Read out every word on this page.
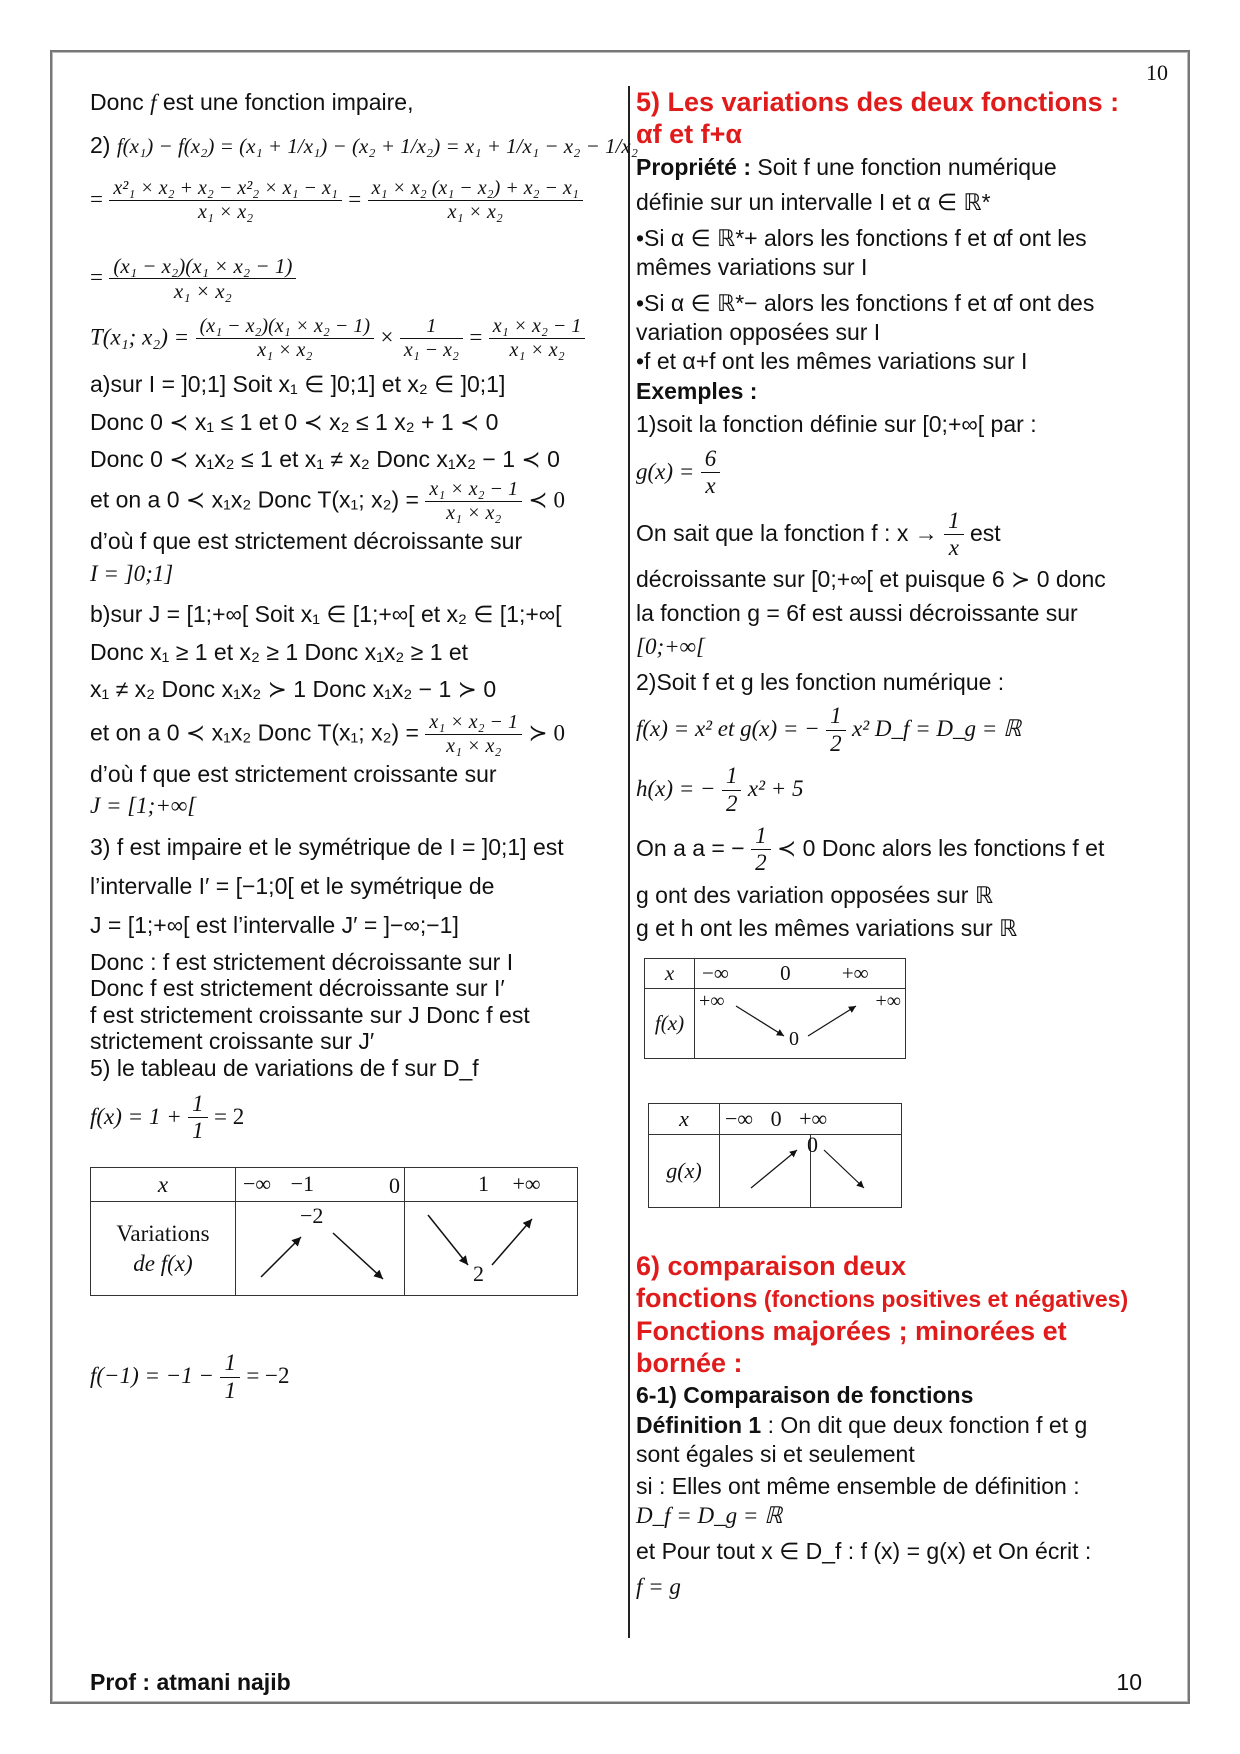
10
Donc f est une fonction impaire,
2) f(x₁) − f(x₂) = (x₁ + 1/x₁) − (x₂ + 1/x₂) = x₁ + 1/x₁ − x₂ − 1/x₂
= $\frac{\text{x²₁ × x₂ + x₂ − x²₂ × x₁ − x₁}}{\text{x₁ × x₂}} = \frac{\text{x₁ × x₂ (x₁ − x₂) + x₂ − x₁}}{\text{x₁ × x₂}}$
= $\frac{\text{(x₁ − x₂)(x₁ × x₂ − 1)}}{\text{x₁ × x₂}}$
T(x₁; $x_2) = \frac{\text{(x₁ − x₂)(x₁ × x₂ − 1)}}{\text{x₁ × x₂}} \times \frac{1}{\text{x₁ − x₂}} = \frac{\text{x₁ × x₂ − 1}}{\text{x₁ × x₂}}$
a)sur I = ]0;1] Soit x₁ ∈ ]0;1] et x₂ ∈ ]0;1]
Donc 0 ≺ x₁ ≤ 1 et 0 ≺ x₂ ≤ 1 x₂ + 1 ≺ 0
Donc 0 ≺ x₁x₂ ≤ 1 et x₁ ≠ x₂ Donc x₁x₂ − 1 ≺ 0
et on a 0 ≺ x₁x₂ Donc T(x₁; $x_2) = \frac{\text{x₁ × x₂ − 1}}{\text{x₁ × x₂}}$ ≺ 0
d’où f que est strictement décroissante sur
I = ]0;1]
b)sur J = [1;+∞[ Soit x₁ ∈ [1;+∞[ et x₂ ∈ [1;+∞[
Donc x₁ ≥ 1 et x₂ ≥ 1 Donc x₁x₂ ≥ 1 et
x₁ ≠ x₂ Donc x₁x₂ ≻ 1 Donc x₁x₂ − 1 ≻ 0
et on a 0 ≺ x₁x₂ Donc T(x₁; $x_2) = \frac{\text{x₁ × x₂ − 1}}{\text{x₁ × x₂}}$ ≻ 0
d’où f que est strictement croissante sur
J = [1;+∞[
3) f est impaire et le symétrique de I = ]0;1] est
l’intervalle I′ = [−1;0[ et le symétrique de
J = [1;+∞[ est l’intervalle J′ = ]−∞;−1]
Donc : f est strictement décroissante sur I
Donc f est strictement décroissante sur I′
f est strictement croissante sur J Donc f est
strictement croissante sur J′
5) le tableau de variations de f sur D_f
$f(x) = 1 + \frac{1}{1} = 2$
x	−∞ −1	0 1 +∞

Variations
de f(x)	−2	2
$f(-1) = -1 - \frac{1}{1} = -2$
5) Les variations des deux fonctions :
αf et f+α
Propriété : Soit f une fonction numérique
définie sur un intervalle I et α ∈ ℝ*
•Si α ∈ ℝ*+ alors les fonctions f et αf ont les
mêmes variations sur I
•Si α ∈ ℝ*− alors les fonctions f et αf ont des
variation opposées sur I
•f et α+f ont les mêmes variations sur I
Exemples :
1)soit la fonction définie sur [0;+∞[ par :
$g(x) = \frac{6}{x}$
On sait que la fonction f : $x \to \frac{1}{x}$ est
décroissante sur [0;+∞[ et puisque 6 ≻ 0 donc
la fonction g = 6f est aussi décroissante sur
[0;+∞[
2)Soit f et g les fonction numérique :
f(x) = x² et g(x) = − $\frac{1}{2} x^2$ D_f = D_g = ℝ
h(x) = − $\frac{1}{2} x^2 + 5$
On a a = − $\frac{1}{2}$ ≺ 0 Donc alors les fonctions f et
g ont des variation opposées sur ℝ
g et h ont les mêmes variations sur ℝ
x	−∞ 0 +∞
f(x)	+∞ +∞
0
x	−∞ 0 +∞	
g(x)	0

6) comparaison deux
fonctions (fonctions positives et négatives)
Fonctions majorées ; minorées et
bornée :
6-1) Comparaison de fonctions
Définition 1 : On dit que deux fonction f et g
sont égales si et seulement
si : Elles ont même ensemble de définition :
D_f = D_g = ℝ
et Pour tout x ∈ D_f : f (x) = g(x) et On écrit :
f = g
Prof : atmani najib	10
